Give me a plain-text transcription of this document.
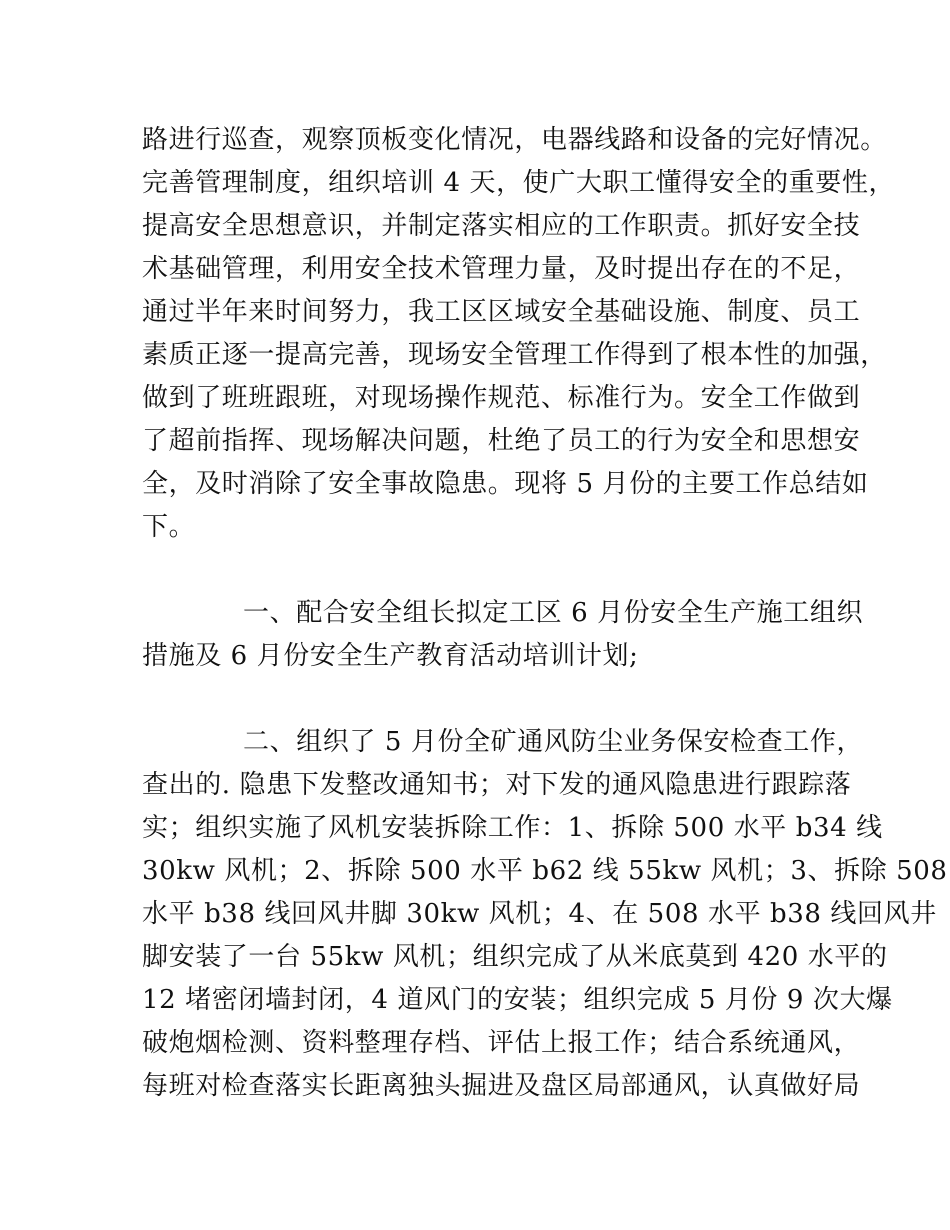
路进行巡查，观察顶板变化情况，电器线路和设备的完好情况。
完善管理制度，组织培训 4 天，使广大职工懂得安全的重要性，
提高安全思想意识，并制定落实相应的工作职责。抓好安全技
术基础管理，利用安全技术管理力量，及时提出存在的不足，
通过半年来时间努力，我工区区域安全基础设施、制度、员工
素质正逐一提高完善，现场安全管理工作得到了根本性的加强，
做到了班班跟班，对现场操作规范、标准行为。安全工作做到
了超前指挥、现场解决问题，杜绝了员工的行为安全和思想安
全，及时消除了安全事故隐患。现将 5 月份的主要工作总结如
下。
一、配合安全组长拟定工区 6 月份安全生产施工组织
措施及 6 月份安全生产教育活动培训计划;
二、组织了 5 月份全矿通风防尘业务保安检查工作，
查出的. 隐患下发整改通知书；对下发的通风隐患进行跟踪落
实；组织实施了风机安装拆除工作：1、拆除 500 水平 b34 线
30kw 风机；2、拆除 500 水平 b62 线 55kw 风机；3、拆除 508
水平 b38 线回风井脚 30kw 风机；4、在 508 水平 b38 线回风井
脚安装了一台 55kw 风机；组织完成了从米底莫到 420 水平的
12 堵密闭墙封闭，4 道风门的安装；组织完成 5 月份 9 次大爆
破炮烟检测、资料整理存档、评估上报工作；结合系统通风，
每班对检查落实长距离独头掘进及盘区局部通风，认真做好局
